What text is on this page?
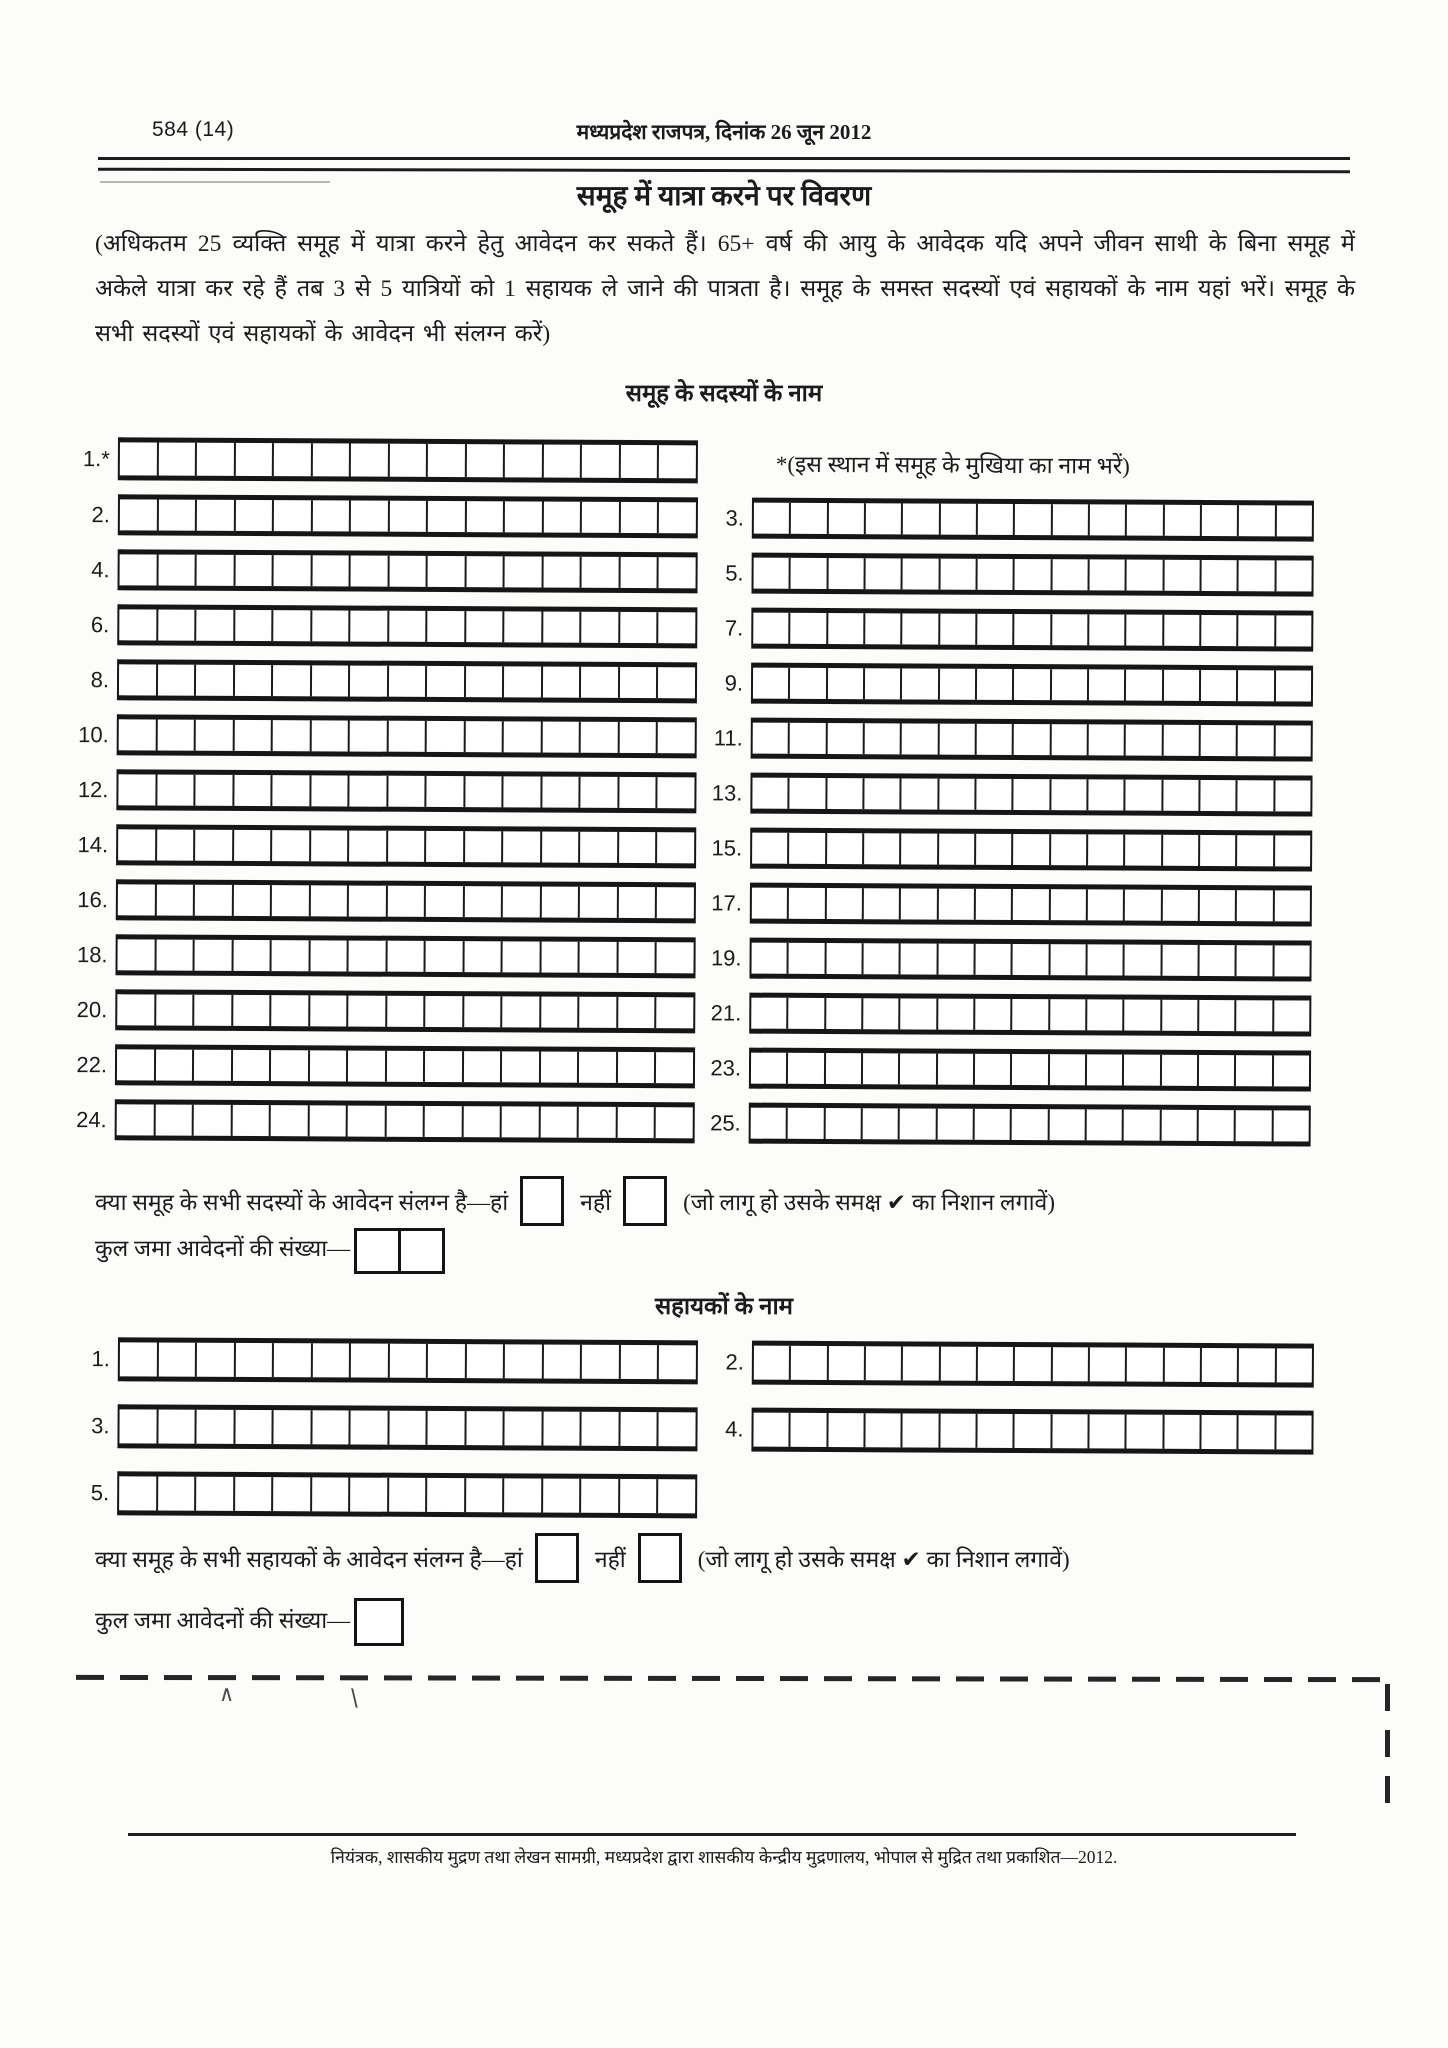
584 (14)	मध्यप्रदेश राजपत्र, दिनांक 26 जून 2012
समूह में यात्रा करने पर विवरण

(अधिकतम 25 व्यक्ति समूह में यात्रा करने हेतु आवेदन कर सकते हैं। 65+ वर्ष की आयु के आवेदक यदि अपने जीवन साथी के बिना समूह में अकेले यात्रा कर रहे हैं तब 3 से 5 यात्रियों को 1 सहायक ले जाने की पात्रता है। समूह के समस्त सदस्यों एवं सहायकों के नाम यहां भरें। समूह के सभी सदस्यों एवं सहायकों के आवेदन भी संलग्न करें)

समूह के सदस्यों के नाम
1.*	*(इस स्थान में समूह के मुखिया का नाम भरें)
2.	3.
4.	5.
6.	7.
8.	9.
10.	11.
12.	13.
14.	15.
16.	17.
18.	19.
20.	21.
22.	23.
24.	25.
क्या समूह के सभी सदस्यों के आवेदन संलग्न है—हां	नहीं	(जो लागू हो उसके समक्ष ✔ का निशान लगावें)
कुल जमा आवेदनों की संख्या—
सहायकों के नाम
1.	2.
3.	4.
5.
क्या समूह के सभी सहायकों के आवेदन संलग्न है—हां	नहीं	(जो लागू हो उसके समक्ष ✔ का निशान लगावें)
कुल जमा आवेदनों की संख्या—
∧	\
नियंत्रक, शासकीय मुद्रण तथा लेखन सामग्री, मध्यप्रदेश द्वारा शासकीय केन्द्रीय मुद्रणालय, भोपाल से मुद्रित तथा प्रकाशित—2012.
